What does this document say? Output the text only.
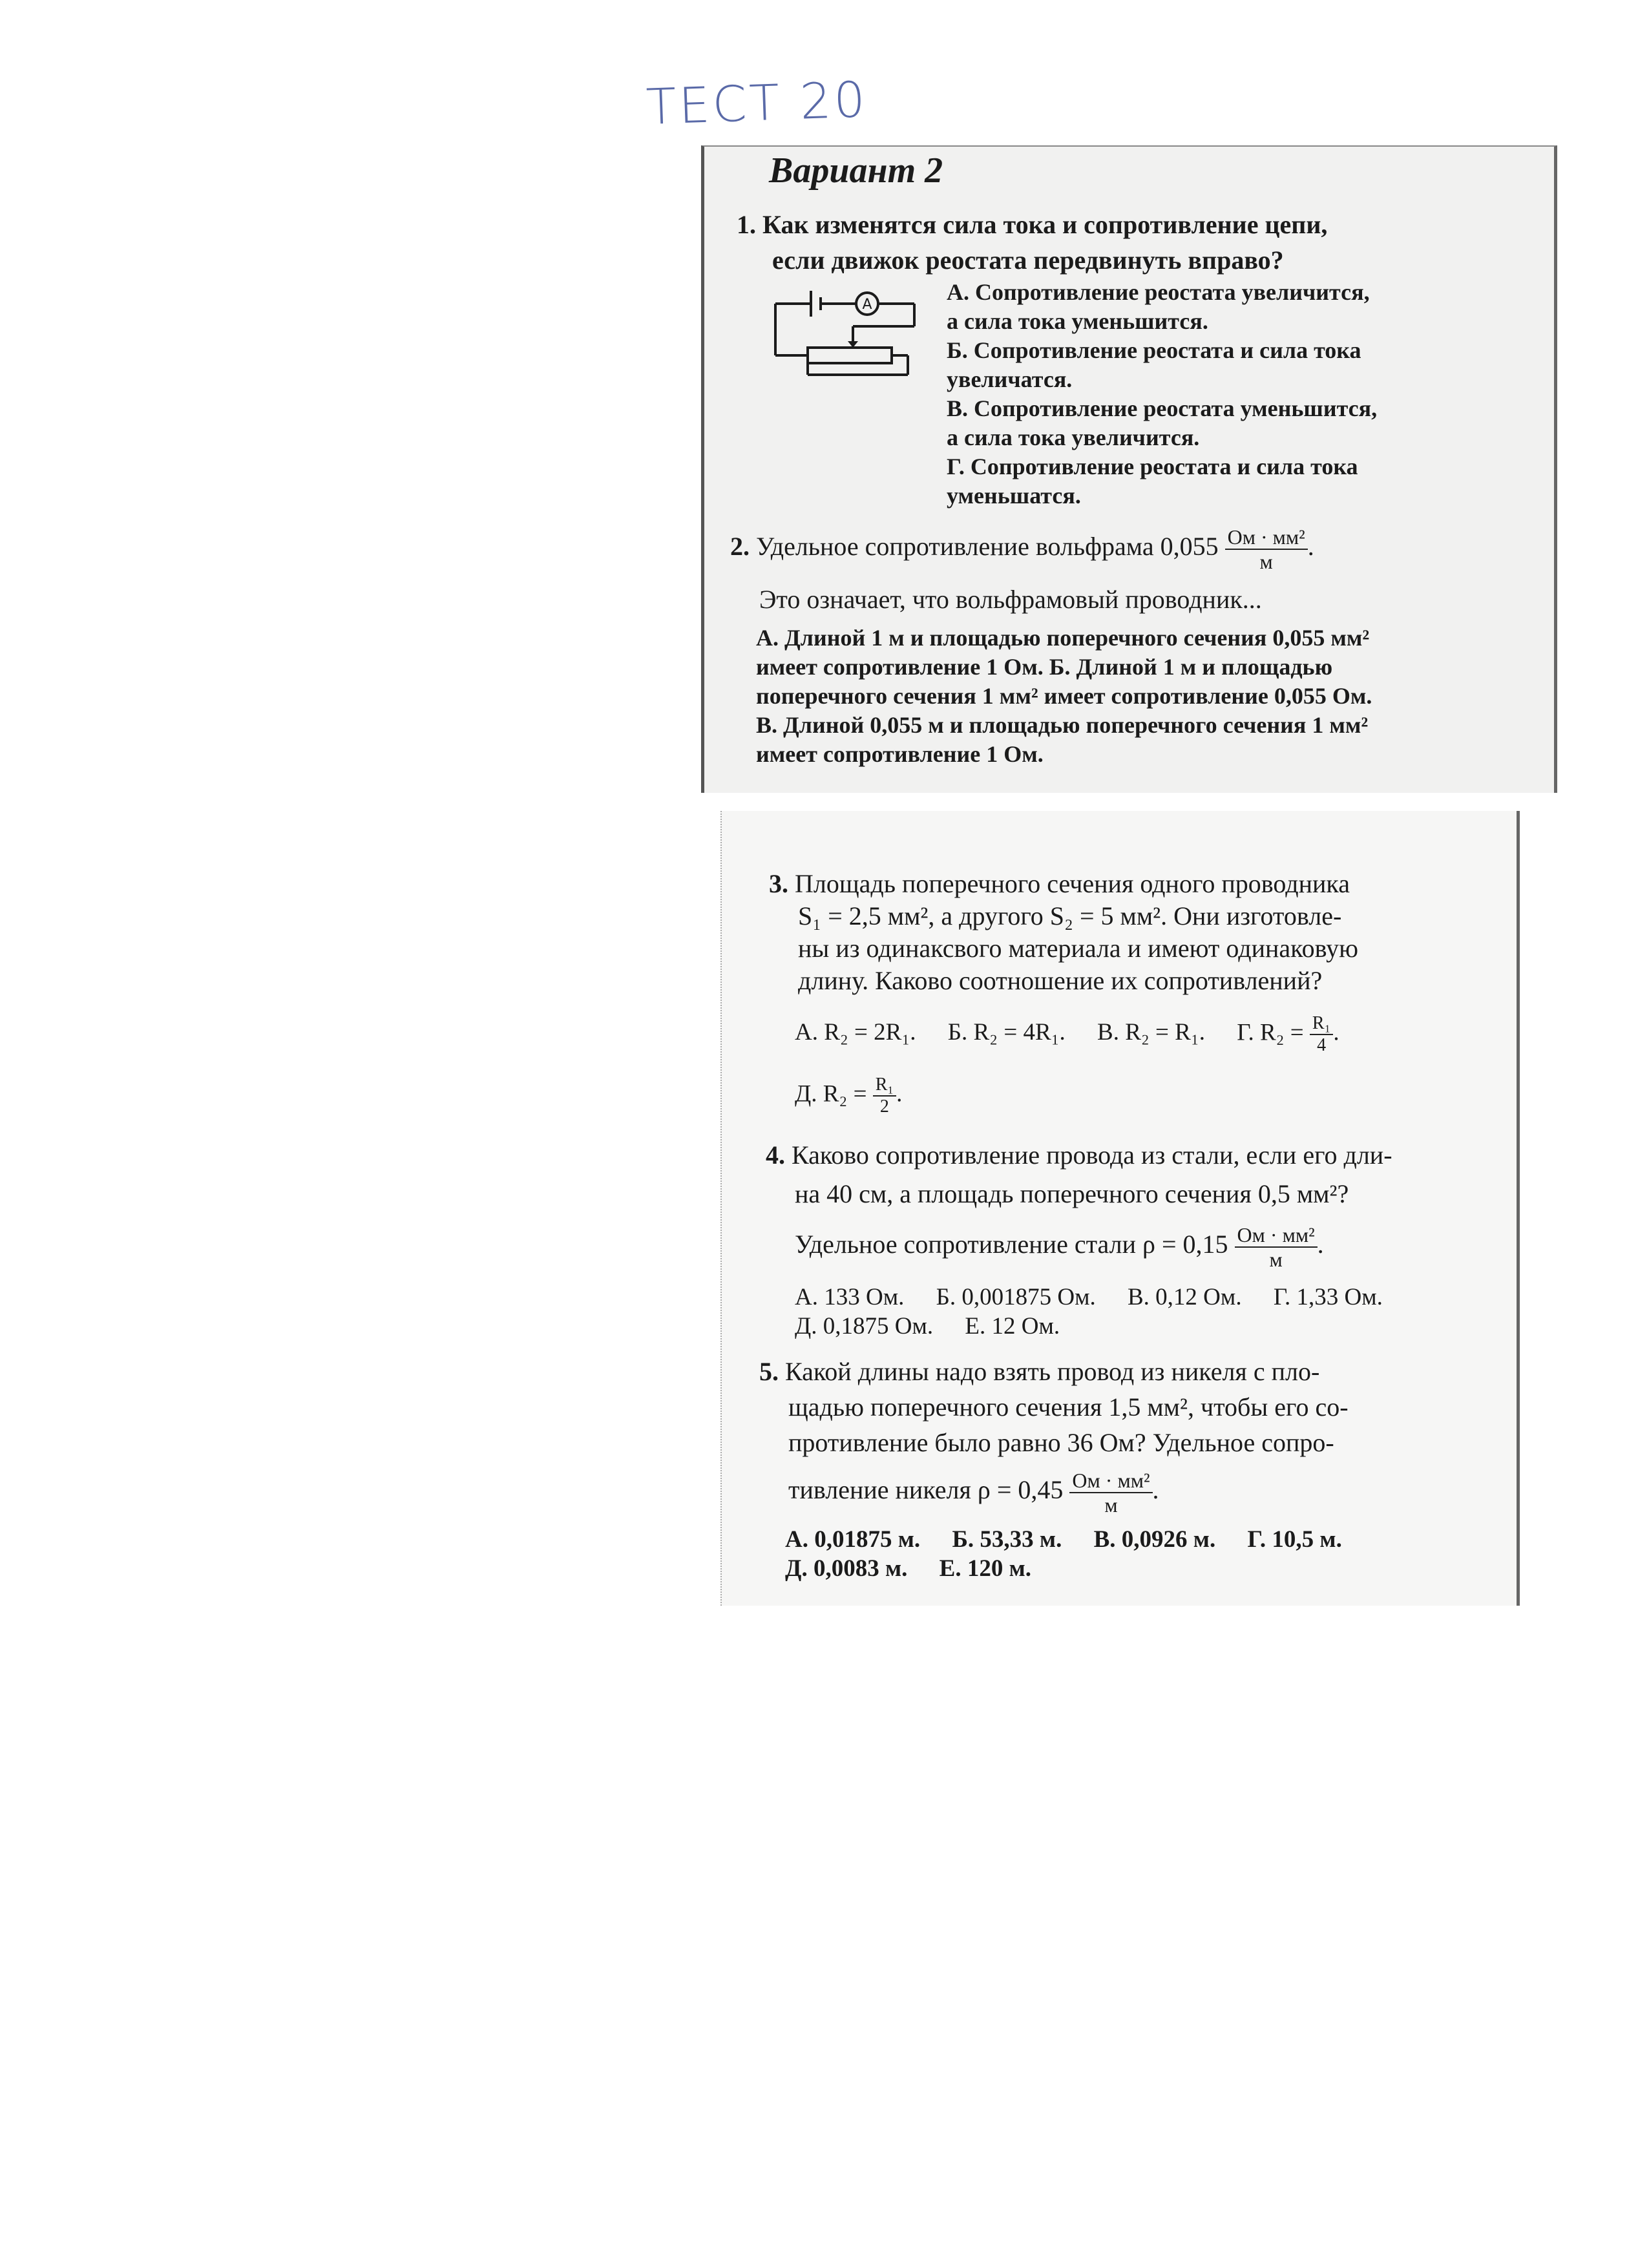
ТЕСТ 20
Вариант 2
1. Как изменятся сила тока и сопротивление цепи,
если движок реостата передвинуть вправо?
A	А. Сопротивление реостата увеличится,
а сила тока уменьшится.
Б. Сопротивление реостата и сила тока
увеличатся.
В. Сопротивление реостата уменьшится,
а сила тока увеличится.
Г. Сопротивление реостата и сила тока
уменьшатся.
2. Удельное сопротивление вольфрама $0,055 \frac{\text{Ом · мм²}}{м}$ .
Это означает, что вольфрамовый проводник...
А. Длиной 1 м и площадью поперечного сечения 0,055 мм²
имеет сопротивление 1 Ом. Б. Длиной 1 м и площадью
поперечного сечения 1 мм² имеет сопротивление 0,055 Ом.
В. Длиной 0,055 м и площадью поперечного сечения 1 мм²
имеет сопротивление 1 Ом.
3. Площадь поперечного сечения одного проводника
S₁ = 2,5 мм², а другого S₂ = 5 мм². Они изготовле-
ны из одинаксвого материала и имеют одинаковую
длину. Каково соотношение их сопротивлений?
А. R₂ = 2R₁. Б. R₂ = 4R₁. В. R₂ = R₁. Г. $R_2 = \frac{\text{R₁}}{4}$ .
Д. $R_2 = \frac{\text{R₁}}{2}$ .
4. Каково сопротивление провода из стали, если его дли-
на 40 см, а площадь поперечного сечения 0,5 мм²?
Удельное сопротивление стали $\rho = 0,15 \frac{\text{Ом · мм²}}{м}$ .
А. 133 Ом. Б. 0,001875 Ом. В. 0,12 Ом. Г. 1,33 Ом.
Д. 0,1875 Ом. Е. 12 Ом.
5. Какой длины надо взять провод из никеля с пло-
щадью поперечного сечения 1,5 мм², чтобы его со-
противление было равно 36 Ом? Удельное сопро-
тивление никеля $\rho = 0,45 \frac{\text{Ом · мм²}}{м}$ .
А. 0,01875 м. Б. 53,33 м. В. 0,0926 м. Г. 10,5 м.
Д. 0,0083 м. Е. 120 м.
